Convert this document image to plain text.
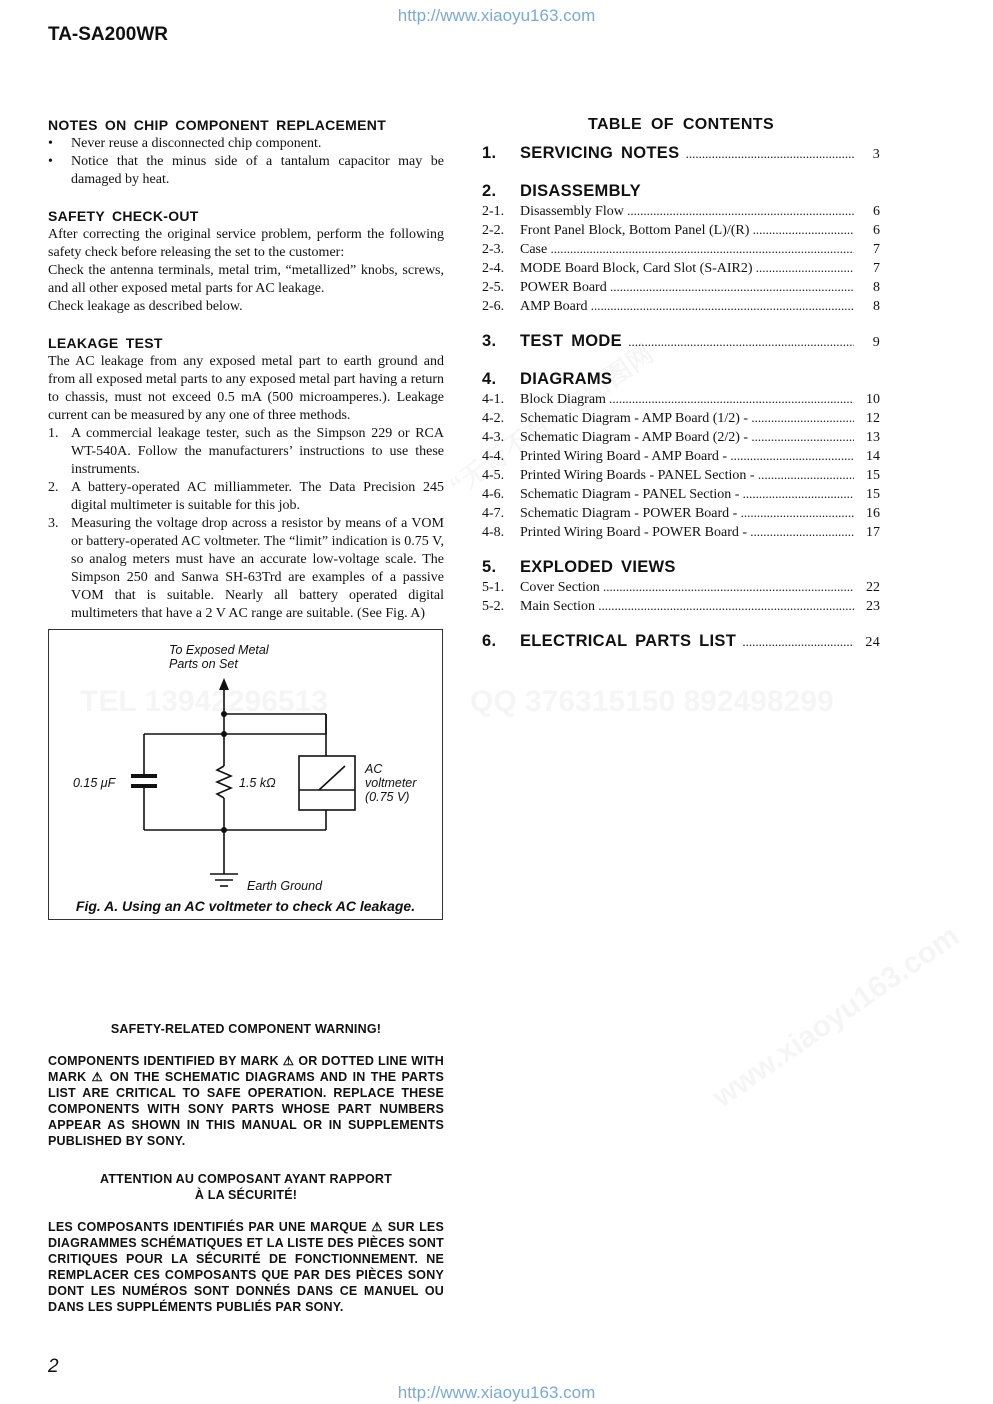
http://www.xiaoyu163.com
TA-SA200WR

NOTES ON CHIP COMPONENT REPLACEMENT

• Never reuse a disconnected chip component.
• Notice that the minus side of a tantalum capacitor may be damaged by heat.

SAFETY CHECK-OUT

After correcting the original service problem, perform the following safety check before releasing the set to the customer:

Check the antenna terminals, metal trim, “metallized” knobs, screws, and all other exposed metal parts for AC leakage.

Check leakage as described below.

LEAKAGE TEST

The AC leakage from any exposed metal part to earth ground and from all exposed metal parts to any exposed metal part having a return to chassis, must not exceed 0.5 mA (500 microamperes.). Leakage current can be measured by any one of three methods.

1. A commercial leakage tester, such as the Simpson 229 or RCA WT-540A. Follow the manufacturers’ instructions to use these instruments.
2. A battery-operated AC milliammeter. The Data Precision 245 digital multimeter is suitable for this job.
3. Measuring the voltage drop across a resistor by means of a VOM or battery-operated AC voltmeter. The “limit” indication is 0.75 V, so analog meters must have an accurate low-voltage scale. The Simpson 250 and Sanwa SH-63Trd are examples of a passive VOM that is suitable. Nearly all battery operated digital multimeters that have a 2 V AC range are suitable. (See Fig. A)
To Exposed Metal
Parts on Set
0.15 μF	1.5 kΩ
AC
voltmeter
(0.75 V)
Earth Ground
Fig. A. Using an AC voltmeter to check AC leakage.
SAFETY-RELATED COMPONENT WARNING!
COMPONENTS IDENTIFIED BY MARK ⚠ OR DOTTED LINE WITH MARK ⚠ ON THE SCHEMATIC DIAGRAMS AND IN THE PARTS LIST ARE CRITICAL TO SAFE OPERATION. REPLACE THESE COMPONENTS WITH SONY PARTS WHOSE PART NUMBERS APPEAR AS SHOWN IN THIS MANUAL OR IN SUPPLEMENTS PUBLISHED BY SONY.
ATTENTION AU COMPOSANT AYANT RAPPORT
À LA SÉCURITÉ!
LES COMPOSANTS IDENTIFIÉS PAR UNE MARQUE ⚠ SUR LES DIAGRAMMES SCHÉMATIQUES ET LA LISTE DES PIÈCES SONT CRITIQUES POUR LA SÉCURITÉ DE FONCTIONNEMENT. NE REMPLACER CES COMPOSANTS QUE PAR DES PIÈCES SONY DONT LES NUMÉROS SONT DONNÉS DANS CE MANUEL OU DANS LES SUPPLÉMENTS PUBLIÉS PAR SONY.
TABLE OF CONTENTS
1.	SERVICING NOTES .....	3
2.	DISASSEMBLY
2-1.	Disassembly Flow .....	6
2-2.	Front Panel Block, Bottom Panel (L)/(R) .....	6
2-3.	Case .....	7
2-4.	MODE Board Block, Card Slot (S-AIR2) .....	7
2-5.	POWER Board .....	8
2-6.	AMP Board .....	8
3.	TEST MODE .....	9
4.	DIAGRAMS
4-1.	Block Diagram .....	10
4-2.	Schematic Diagram - AMP Board (1/2) - .....	12
4-3.	Schematic Diagram - AMP Board (2/2) - .....	13
4-4.	Printed Wiring Board - AMP Board - .....	14
4-5.	Printed Wiring Boards - PANEL Section - .....	15
4-6.	Schematic Diagram - PANEL Section - .....	15
4-7.	Schematic Diagram - POWER Board - .....	16
4-8.	Printed Wiring Board - POWER Board - .....	17
5.	EXPLODED VIEWS
5-1.	Cover Section .....	22
5-2.	Main Section .....	23
6.	ELECTRICAL PARTS LIST .....	24
2
http://www.xiaoyu163.com
